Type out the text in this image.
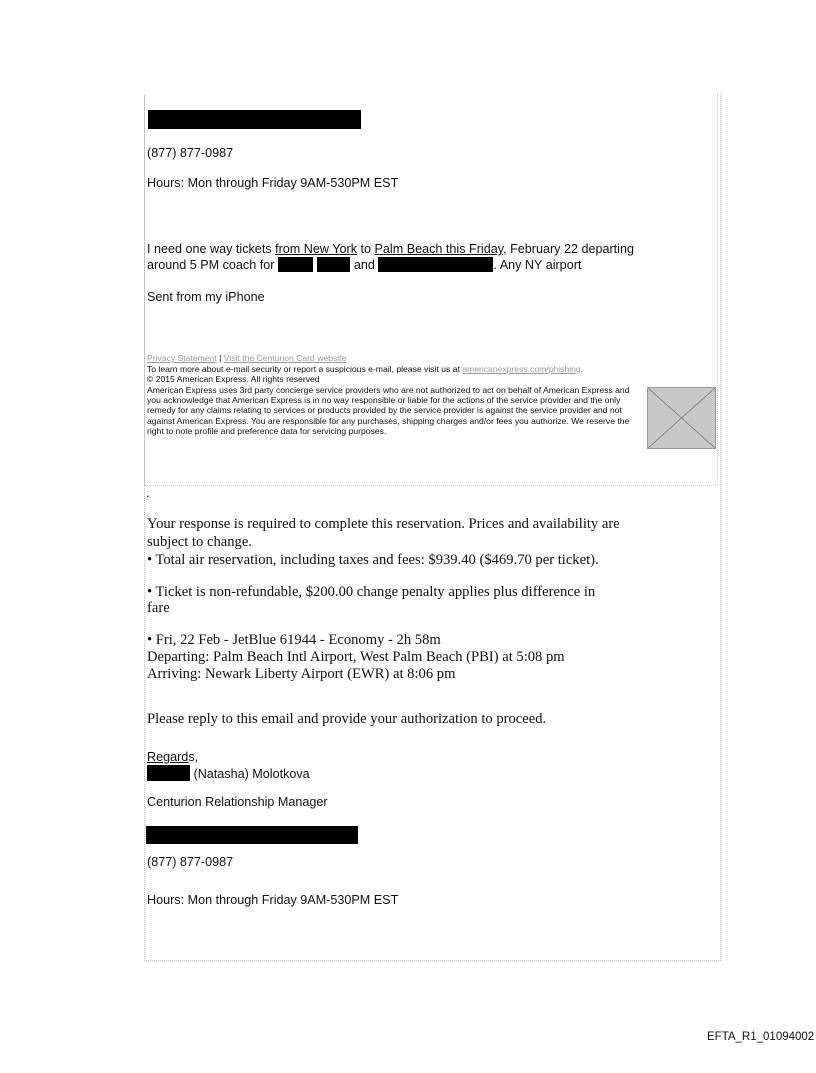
(877) 877-0987
Hours: Mon through Friday 9AM-530PM EST
I need one way tickets from New York to Palm Beach this Friday, February 22 departing
around 5 PM coach for	and	. Any NY airport
Sent from my iPhone
Privacy Statement | Visit the Centurion Card website
To learn more about e-mail security or report a suspicious e-mail, please visit us at americanexpress.com/phishing.
© 2015 American Express. All rights reserved
American Express uses 3rd party concierge service providers who are not authorized to act on behalf of American Express and you acknowledge that American Express is in no way responsible or liable for the actions of the service provider and the only remedy for any claims relating to services or products provided by the service provider is against the service provider and not against American Express. You are responsible for any purchases, shipping charges and/or fees you authorize. We reserve the right to note profile and preference data for servicing purposes.
.
Your response is required to complete this reservation. Prices and availability are
subject to change.
• Total air reservation, including taxes and fees: $939.40 ($469.70 per ticket).
• Ticket is non-refundable, $200.00 change penalty applies plus difference in
fare
• Fri, 22 Feb - JetBlue 61944 - Economy - 2h 58m
Departing: Palm Beach Intl Airport, West Palm Beach (PBI) at 5:08 pm
Arriving: Newark Liberty Airport (EWR) at 8:06 pm
Please reply to this email and provide your authorization to proceed.
Regards,
(Natasha) Molotkova
Centurion Relationship Manager
(877) 877-0987
Hours: Mon through Friday 9AM-530PM EST
EFTA_R1_01094002
